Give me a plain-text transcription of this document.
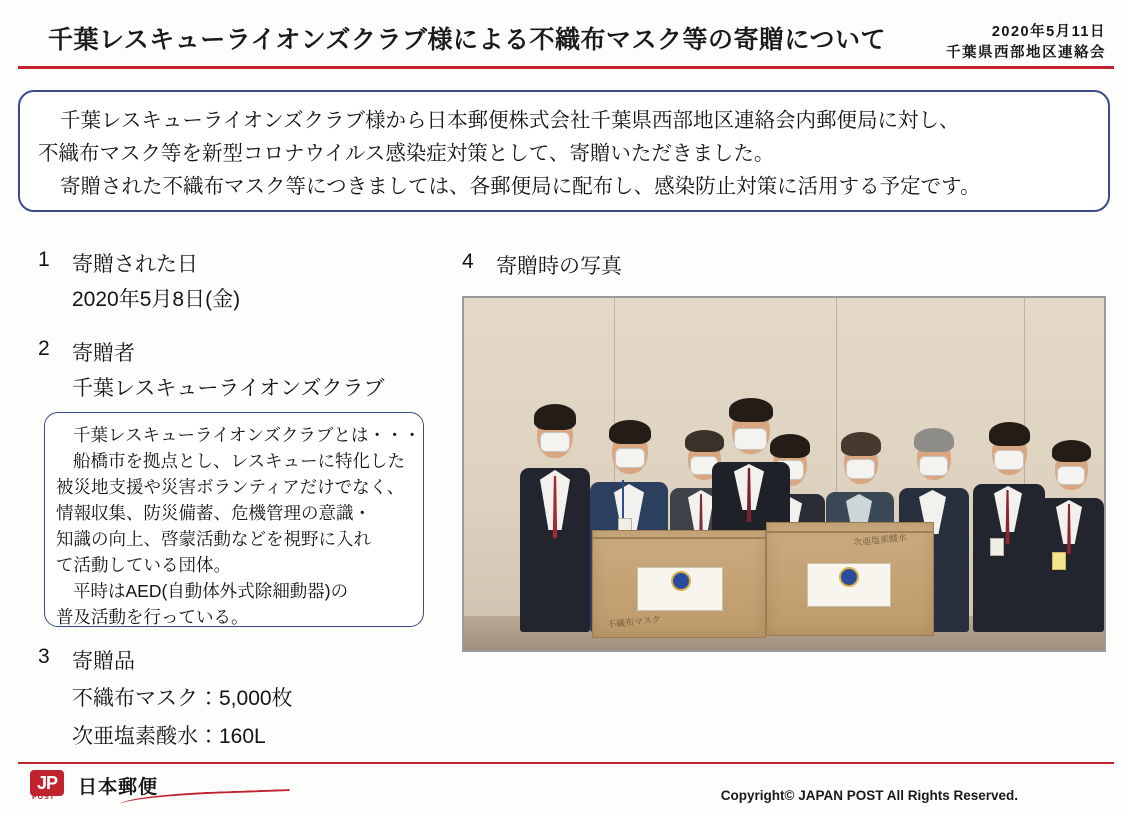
千葉レスキューライオンズクラブ様による不織布マスク等の寄贈について	2020年5月11日
千葉県西部地区連絡会

千葉レスキューライオンズクラブ様から日本郵便株式会社千葉県西部地区連絡会内郵便局に対し、

不織布マスク等を新型コロナウイルス感染症対策として、寄贈いただきました。

寄贈された不織布マスク等につきましては、各郵便局に配布し、感染防止対策に活用する予定です。

1 寄贈された日
2020年5月8日(金)
2 寄贈者
千葉レスキューライオンズクラブ

千葉レスキューライオンズクラブとは・・・

船橋市を拠点とし、レスキューに特化した

被災地支援や災害ボランティアだけでなく、

情報収集、防災備蓄、危機管理の意識・

知識の向上、啓蒙活動などを視野に入れ

て活動している団体。

平時はAED(自動体外式除細動器)の

普及活動を行っている。

3 寄贈品
不織布マスク：5,000枚
次亜塩素酸水：160L
4 寄贈時の写真
不織布マスク
次亜塩素酸水
JP
POST 日本郵便	Copyright© JAPAN POST All Rights Reserved.
